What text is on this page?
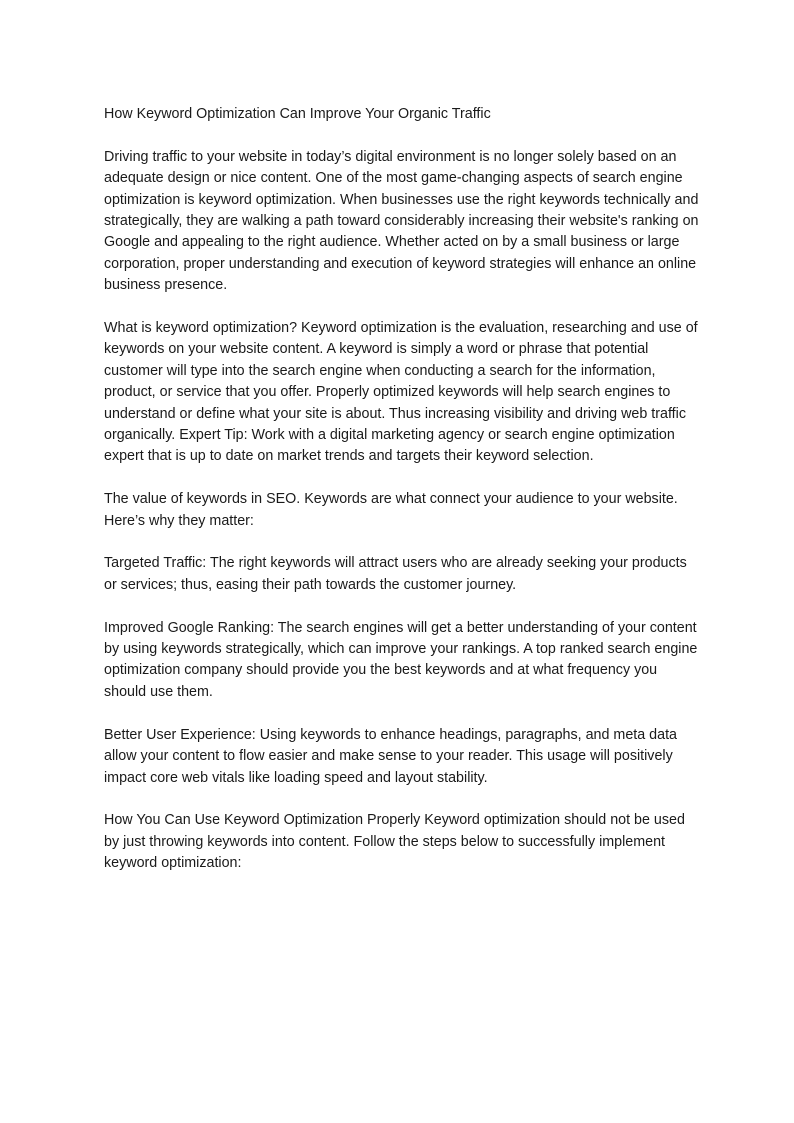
How Keyword Optimization Can Improve Your Organic Traffic

Driving traffic to your website in today’s digital environment is no longer solely based on an adequate design or nice content. One of the most game-changing aspects of search engine optimization is keyword optimization. When businesses use the right keywords technically and strategically, they are walking a path toward considerably increasing their website's ranking on Google and appealing to the right audience. Whether acted on by a small business or large corporation, proper understanding and execution of keyword strategies will enhance an online business presence.

What is keyword optimization? Keyword optimization is the evaluation, researching and use of keywords on your website content. A keyword is simply a word or phrase that potential customer will type into the search engine when conducting a search for the information, product, or service that you offer. Properly optimized keywords will help search engines to understand or define what your site is about. Thus increasing visibility and driving web traffic organically. Expert Tip: Work with a digital marketing agency or search engine optimization expert that is up to date on market trends and targets their keyword selection.

The value of keywords in SEO. Keywords are what connect your audience to your website. Here’s why they matter:

Targeted Traffic: The right keywords will attract users who are already seeking your products or services; thus, easing their path towards the customer journey.

Improved Google Ranking: The search engines will get a better understanding of your content by using keywords strategically, which can improve your rankings. A top ranked search engine optimization company should provide you the best keywords and at what frequency you should use them.

Better User Experience: Using keywords to enhance headings, paragraphs, and meta data allow your content to flow easier and make sense to your reader. This usage will positively impact core web vitals like loading speed and layout stability.

How You Can Use Keyword Optimization Properly Keyword optimization should not be used by just throwing keywords into content. Follow the steps below to successfully implement keyword optimization:
